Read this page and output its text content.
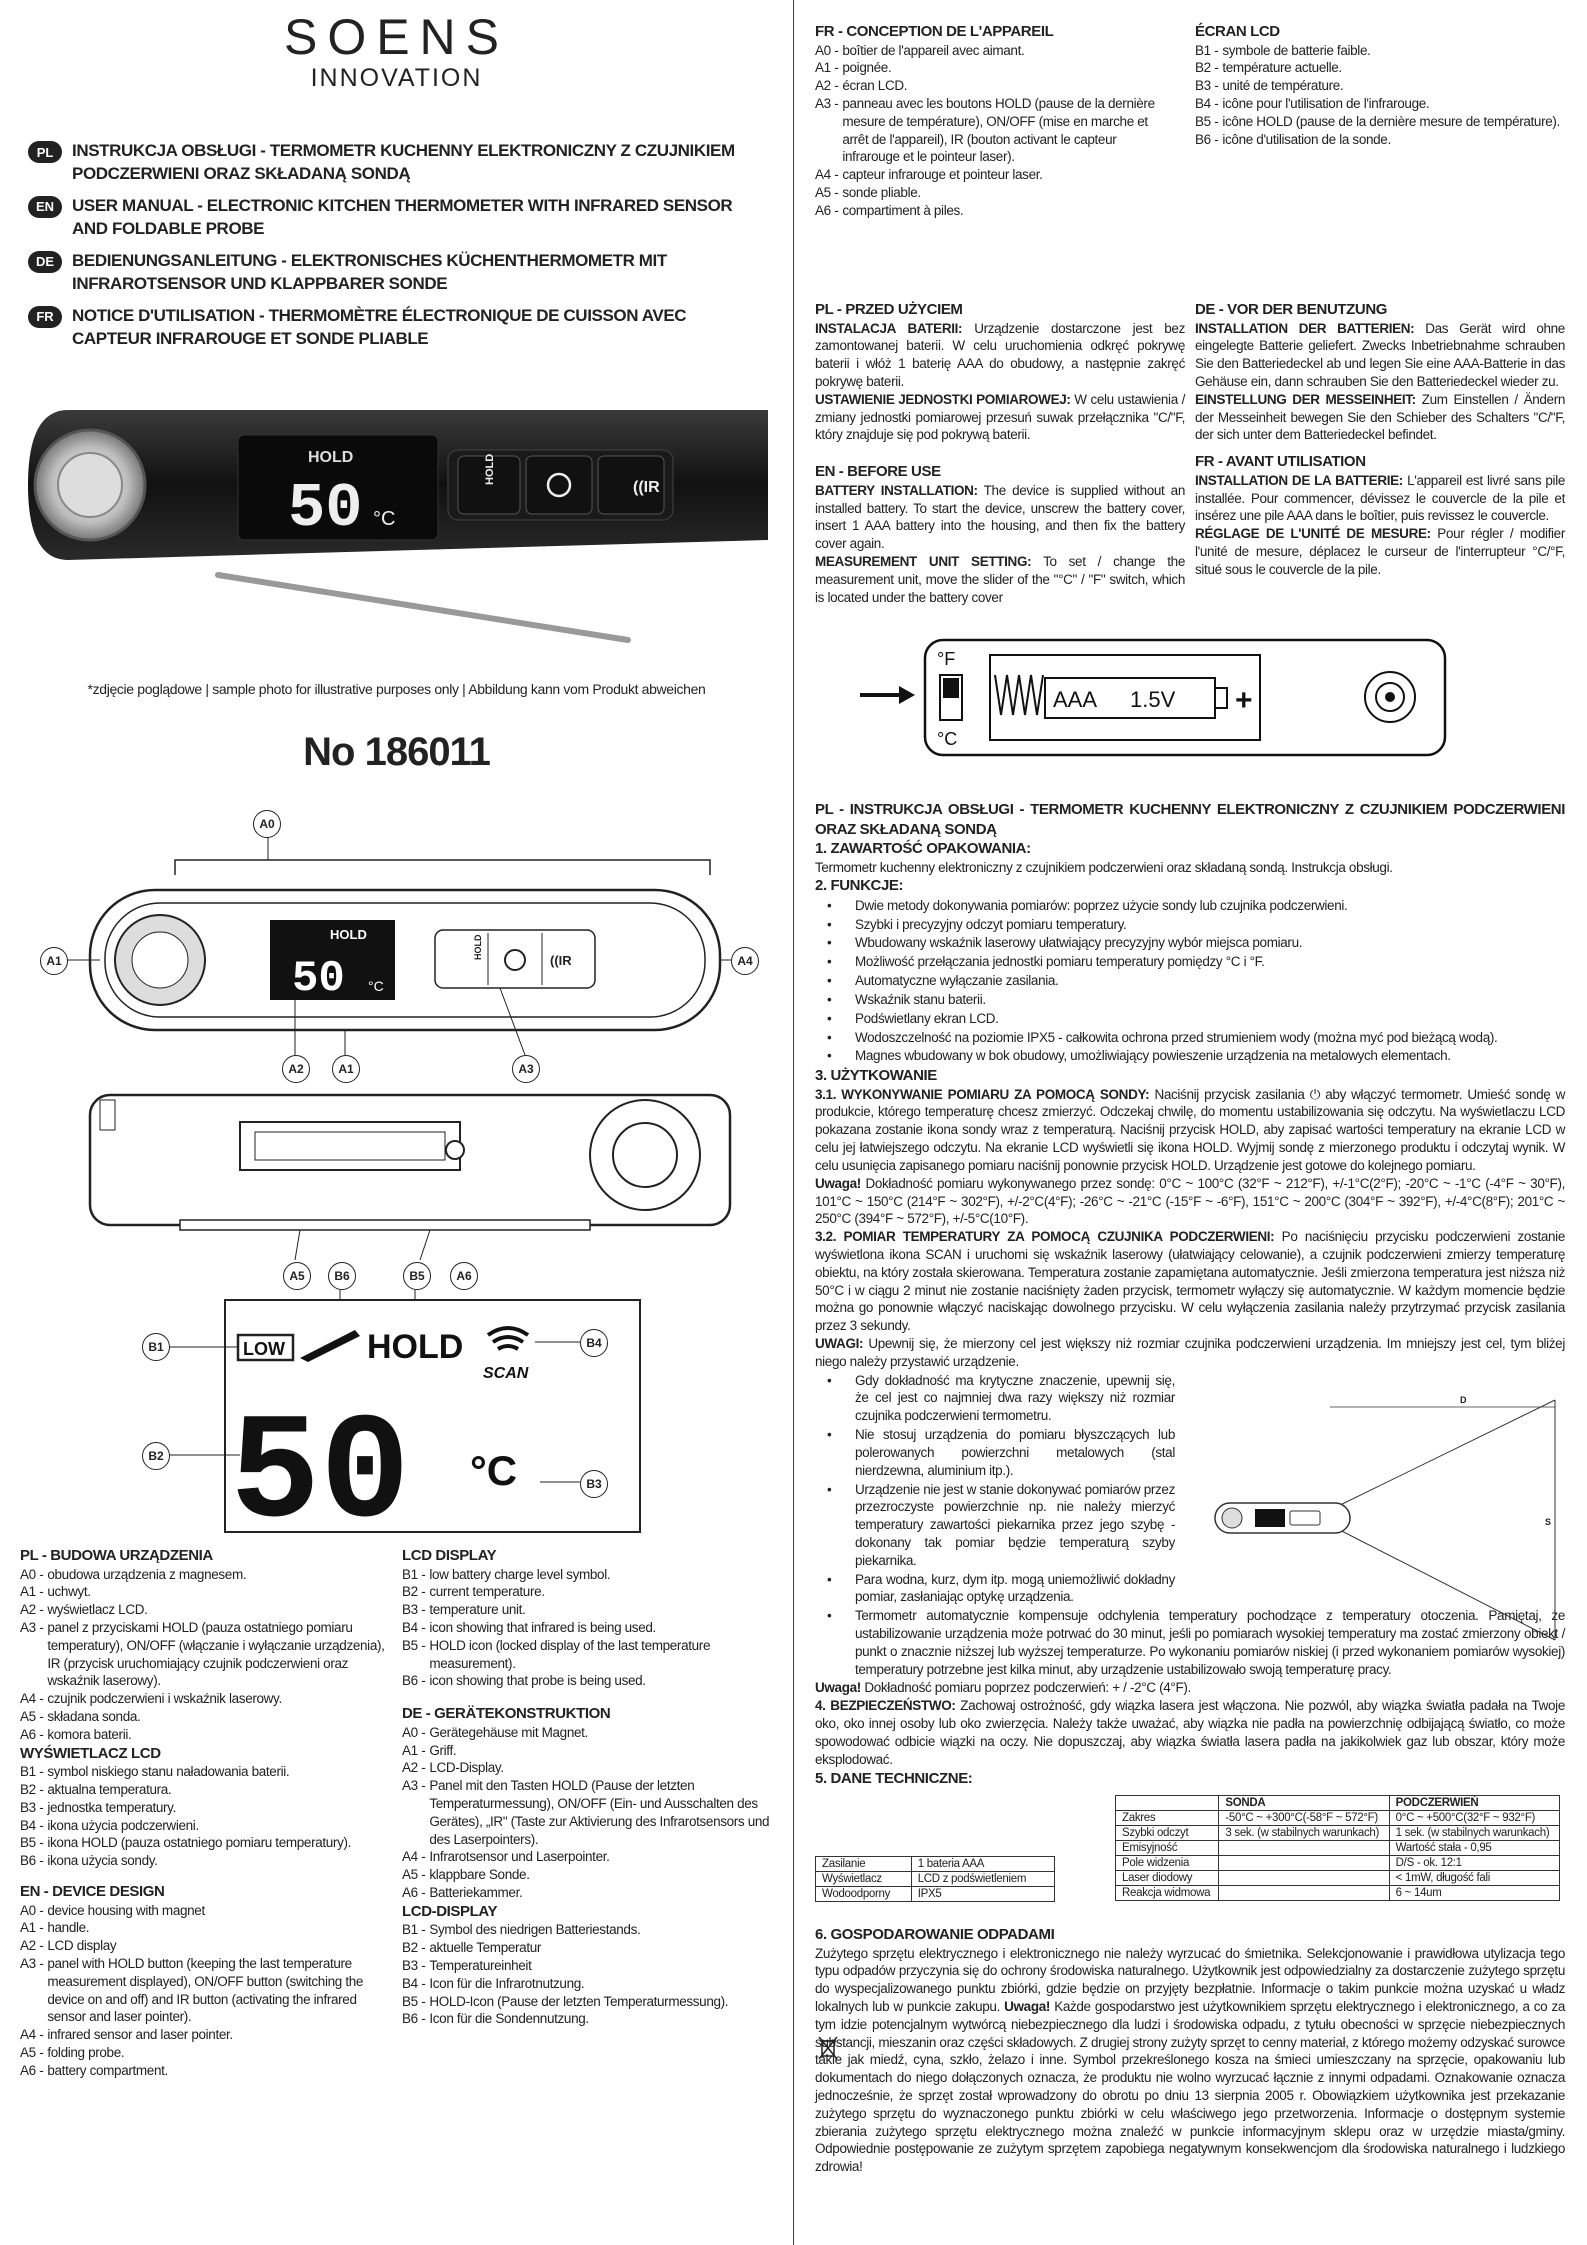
SOENS
INNOVATION
PL	INSTRUKCJA OBSŁUGI - TERMOMETR KUCHENNY ELEKTRONICZNY Z CZUJNIKIEM PODCZERWIENI ORAZ SKŁADANĄ SONDĄ
EN	USER MANUAL - ELECTRONIC KITCHEN THERMOMETER WITH INFRARED SENSOR AND FOLDABLE PROBE
DE	BEDIENUNGSANLEITUNG - ELEKTRONISCHES KÜCHENTHERMOMETR MIT INFRAROTSENSOR UND KLAPPBARER SONDE
FR	NOTICE D'UTILISATION - THERMOMÈTRE ÉLECTRONIQUE DE CUISSON AVEC CAPTEUR INFRAROUGE ET SONDE PLIABLE
HOLD
50 °C
HOLD
((IR
*zdjęcie poglądowe | sample photo for illustrative purposes only | Abbildung kann vom Produkt abweichen
No 186011
HOLD
50 °C
((IR
HOLD
A0
A1	A4
A2	A1	A3
A5	B6	B5	A6
LOW HOLD
SCAN
50 °C
B1	B4
B2
B3
PL - BUDOWA URZĄDZENIA
A0 - obudowa urządzenia z magnesem.
A1 - uchwyt.
A2 - wyświetlacz LCD.
A3 - panel z przyciskami HOLD (pauza ostatniego pomiaru temperatury), ON/OFF (włączanie i wyłączanie urządzenia), IR (przycisk uruchomiający czujnik podczerwieni oraz wskaźnik laserowy).
A4 - czujnik podczerwieni i wskaźnik laserowy.
A5 - składana sonda.
A6 - komora baterii.
WYŚWIETLACZ LCD
B1 - symbol niskiego stanu naładowania baterii.
B2 - aktualna temperatura.
B3 - jednostka temperatury.
B4 - ikona użycia podczerwieni.
B5 - ikona HOLD (pauza ostatniego pomiaru temperatury).
B6 - ikona użycia sondy.
EN - DEVICE DESIGN
A0 - device housing with magnet
A1 - handle.
A2 - LCD display
A3 - panel with HOLD button (keeping the last temperature measurement displayed), ON/OFF button (switching the device on and off) and IR button (activating the infrared sensor and laser pointer).
A4 - infrared sensor and laser pointer.
A5 - folding probe.
A6 - battery compartment.
LCD DISPLAY
B1 - low battery charge level symbol.
B2 - current temperature.
B3 - temperature unit.
B4 - icon showing that infrared is being used.
B5 - HOLD icon (locked display of the last temperature measurement).
B6 - icon showing that probe is being used.
DE - GERÄTEKONSTRUKTION
A0 - Gerätegehäuse mit Magnet.
A1 - Griff.
A2 - LCD-Display.
A3 - Panel mit den Tasten HOLD (Pause der letzten Temperaturmessung), ON/OFF (Ein- und Ausschalten des Gerätes), „IR" (Taste zur Aktivierung des Infrarotsensors und des Laserpointers).
A4 - Infrarotsensor und Laserpointer.
A5 - klappbare Sonde.
A6 - Batteriekammer.
LCD-DISPLAY
B1 - Symbol des niedrigen Batteriestands.
B2 - aktuelle Temperatur
B3 - Temperatureinheit
B4 - Icon für die Infrarotnutzung.
B5 - HOLD-Icon (Pause der letzten Temperaturmessung).
B6 - Icon für die Sondennutzung.
FR - CONCEPTION DE L'APPAREIL
A0 - boîtier de l'appareil avec aimant.
A1 - poignée.
A2 - écran LCD.
A3 - panneau avec les boutons HOLD (pause de la dernière mesure de température), ON/OFF (mise en marche et arrêt de l'appareil), IR (bouton activant le capteur infrarouge et le pointeur laser).
A4 - capteur infrarouge et pointeur laser.
A5 - sonde pliable.
A6 - compartiment à piles.
ÉCRAN LCD
B1 - symbole de batterie faible.
B2 - température actuelle.
B3 - unité de température.
B4 - icône pour l'utilisation de l'infrarouge.
B5 - icône HOLD (pause de la dernière mesure de température).
B6 - icône d'utilisation de la sonde.
PL - PRZED UŻYCIEM
INSTALACJA BATERII: Urządzenie dostarczone jest bez zamontowanej baterii. W celu uruchomienia odkręć pokrywę baterii i włóż 1 baterię AAA do obudowy, a następnie zakręć pokrywę baterii.
USTAWIENIE JEDNOSTKI POMIAROWEJ: W celu ustawienia / zmiany jednostki pomiarowej przesuń suwak przełącznika "C/"F, który znajduje się pod pokrywą baterii.
EN - BEFORE USE
BATTERY INSTALLATION: The device is supplied without an installed battery. To start the device, unscrew the battery cover, insert 1 AAA battery into the housing, and then fix the battery cover again.
MEASUREMENT UNIT SETTING: To set / change the measurement unit, move the slider of the "°C" / "F" switch, which is located under the battery cover
DE - VOR DER BENUTZUNG
INSTALLATION DER BATTERIEN: Das Gerät wird ohne eingelegte Batterie geliefert. Zwecks Inbetriebnahme schrauben Sie den Batteriedeckel ab und legen Sie eine AAA-Batterie in das Gehäuse ein, dann schrauben Sie den Batteriedeckel wieder zu.
EINSTELLUNG DER MESSEINHEIT: Zum Einstellen / Ändern der Messeinheit bewegen Sie den Schieber des Schalters "C/"F, der sich unter dem Batteriedeckel befindet.
FR - AVANT UTILISATION
INSTALLATION DE LA BATTERIE: L'appareil est livré sans pile installée. Pour commencer, dévissez le couvercle de la pile et insérez une pile AAA dans le boîtier, puis revissez le couvercle.
RÉGLAGE DE L'UNITÉ DE MESURE: Pour régler / modifier l'unité de mesure, déplacez le curseur de l'interrupteur °C/°F, situé sous le couvercle de la pile.
°F
°C
AAA 1.5V +
PL - INSTRUKCJA OBSŁUGI - TERMOMETR KUCHENNY ELEKTRONICZNY Z CZUJNIKIEM PODCZERWIENI ORAZ SKŁADANĄ SONDĄ
1. ZAWARTOŚĆ OPAKOWANIA:
Termometr kuchenny elektroniczny z czujnikiem podczerwieni oraz składaną sondą. Instrukcja obsługi.
2. FUNKCJE:
• Dwie metody dokonywania pomiarów: poprzez użycie sondy lub czujnika podczerwieni.
• Szybki i precyzyjny odczyt pomiaru temperatury.
• Wbudowany wskaźnik laserowy ułatwiający precyzyjny wybór miejsca pomiaru.
• Możliwość przełączania jednostki pomiaru temperatury pomiędzy °C i °F.
• Automatyczne wyłączanie zasilania.
• Wskaźnik stanu baterii.
• Podświetlany ekran LCD.
• Wodoszczelność na poziomie IPX5 - całkowita ochrona przed strumieniem wody (można myć pod bieżącą wodą).
• Magnes wbudowany w bok obudowy, umożliwiający powieszenie urządzenia na metalowych elementach.
3. UŻYTKOWANIE
3.1. WYKONYWANIE POMIARU ZA POMOCĄ SONDY: Naciśnij przycisk zasilania ⏻ aby włączyć termometr. Umieść sondę w produkcie, którego temperaturę chcesz zmierzyć. Odczekaj chwilę, do momentu ustabilizowania się odczytu. Na wyświetlaczu LCD pokazana zostanie ikona sondy wraz z temperaturą. Naciśnij przycisk HOLD, aby zapisać wartości temperatury na ekranie LCD w celu jej łatwiejszego odczytu. Na ekranie LCD wyświetli się ikona HOLD. Wyjmij sondę z mierzonego produktu i odczytaj wynik. W celu usunięcia zapisanego pomiaru naciśnij ponownie przycisk HOLD. Urządzenie jest gotowe do kolejnego pomiaru.
Uwaga! Dokładność pomiaru wykonywanego przez sondę: 0°C ~ 100°C (32°F ~ 212°F), +/-1°C(2°F); -20°C ~ -1°C (-4°F ~ 30°F), 101°C ~ 150°C (214°F ~ 302°F), +/-2°C(4°F); -26°C ~ -21°C (-15°F ~ -6°F), 151°C ~ 200°C (304°F ~ 392°F), +/-4°C(8°F); 201°C ~ 250°C (394°F ~ 572°F), +/-5°C(10°F).
3.2. POMIAR TEMPERATURY ZA POMOCĄ CZUJNIKA PODCZERWIENI: Po naciśnięciu przycisku podczerwieni zostanie wyświetlona ikona SCAN i uruchomi się wskaźnik laserowy (ułatwiający celowanie), a czujnik podczerwieni zmierzy temperaturę obiektu, na który została skierowana. Temperatura zostanie zapamiętana automatycznie. Jeśli zmierzona temperatura jest niższa niż 50°C i w ciągu 2 minut nie zostanie naciśnięty żaden przycisk, termometr wyłączy się automatycznie. W każdym momencie będzie można go ponownie włączyć naciskając dowolnego przycisku. W celu wyłączenia zasilania należy przytrzymać przycisk zasilania przez 3 sekundy.
UWAGI: Upewnij się, że mierzony cel jest większy niż rozmiar czujnika podczerwieni urządzenia. Im mniejszy jest cel, tym bliżej niego należy przystawić urządzenie.
• Gdy dokładność ma krytyczne znaczenie, upewnij się, że cel jest co najmniej dwa razy większy niż rozmiar czujnika podczerwieni termometru.
• Nie stosuj urządzenia do pomiaru błyszczących lub polerowanych powierzchni metalowych (stal nierdzewna, aluminium itp.).
• Urządzenie nie jest w stanie dokonywać pomiarów przez przezroczyste powierzchnie np. nie należy mierzyć temperatury zawartości piekarnika przez jego szybę - dokonany tak pomiar będzie temperaturą szyby piekarnika.
• Para wodna, kurz, dym itp. mogą uniemożliwić dokładny pomiar, zasłaniając optykę urządzenia.
• Termometr automatycznie kompensuje odchylenia temperatury pochodzące z temperatury otoczenia. Pamiętaj, że ustabilizowanie urządzenia może potrwać do 30 minut, jeśli po pomiarach wysokiej temperatury ma zostać zmierzony obiekt / punkt o znacznie niższej lub wyższej temperaturze. Po wykonaniu pomiarów niskiej (i przed wykonaniem pomiarów wysokiej) temperatury potrzebne jest kilka minut, aby urządzenie ustabilizowało swoją temperaturę pracy.
Uwaga! Dokładność pomiaru poprzez podczerwień: + / -2°C (4°F).
4. BEZPIECZEŃSTWO: Zachowaj ostrożność, gdy wiązka lasera jest włączona. Nie pozwól, aby wiązka światła padała na Twoje oko, oko innej osoby lub oko zwierzęcia. Należy także uważać, aby wiązka nie padła na powierzchnię odbijającą światło, co może spowodować odbicie wiązki na oczy. Nie dopuszczaj, aby wiązka światła lasera padła na jakikolwiek gaz lub obszar, który może eksplodować.
5. DANE TECHNICZNE:
D
S
Zasilanie	1 bateria AAA
Wyświetlacz	LCD z podświetleniem
Wodoodporny	IPX5
	SONDA	PODCZERWIEŃ
Zakres	-50°C ~ +300°C(-58°F ~ 572°F)	0°C ~ +500°C(32°F ~ 932°F)
Szybki odczyt	3 sek. (w stabilnych warunkach)	1 sek. (w stabilnych warunkach)
Emisyjność		Wartość stała - 0,95
Pole widzenia		D/S - ok. 12:1
Laser diodowy		< 1mW, długość fali
Reakcja widmowa		6 ~ 14um
6. GOSPODAROWANIE ODPADAMI
Zużytego sprzętu elektrycznego i elektronicznego nie należy wyrzucać do śmietnika. Selekcjonowanie i prawidłowa utylizacja tego typu odpadów przyczynia się do ochrony środowiska naturalnego. Użytkownik jest odpowiedzialny za dostarczenie zużytego sprzętu do wyspecjalizowanego punktu zbiórki, gdzie będzie on przyjęty bezpłatnie. Informacje o takim punkcie można uzyskać u władz lokalnych lub w punkcie zakupu. Uwaga! Każde gospodarstwo jest użytkownikiem sprzętu elektrycznego i elektronicznego, a co za tym idzie potencjalnym wytwórcą niebezpiecznego dla ludzi i środowiska odpadu, z tytułu obecności w sprzęcie niebezpiecznych substancji, mieszanin oraz części składowych. Z drugiej strony zużyty sprzęt to cenny materiał, z którego możemy odzyskać surowce takie jak miedź, cyna, szkło, żelazo i inne. Symbol przekreślonego kosza na śmieci umieszczany na sprzęcie, opakowaniu lub dokumentach do niego dołączonych oznacza, że produktu nie wolno wyrzucać łącznie z innymi odpadami. Oznakowanie oznacza jednocześnie, że sprzęt został wprowadzony do obrotu po dniu 13 sierpnia 2005 r. Obowiązkiem użytkownika jest przekazanie zużytego sprzętu do wyznaczonego punktu zbiórki w celu właściwego jego przetworzenia. Informacje o dostępnym systemie zbierania zużytego sprzętu elektrycznego można znaleźć w punkcie informacyjnym sklepu oraz w urzędzie miasta/gminy. Odpowiednie postępowanie ze zużytym sprzętem zapobiega negatywnym konsekwencjom dla środowiska naturalnego i ludzkiego zdrowia!
